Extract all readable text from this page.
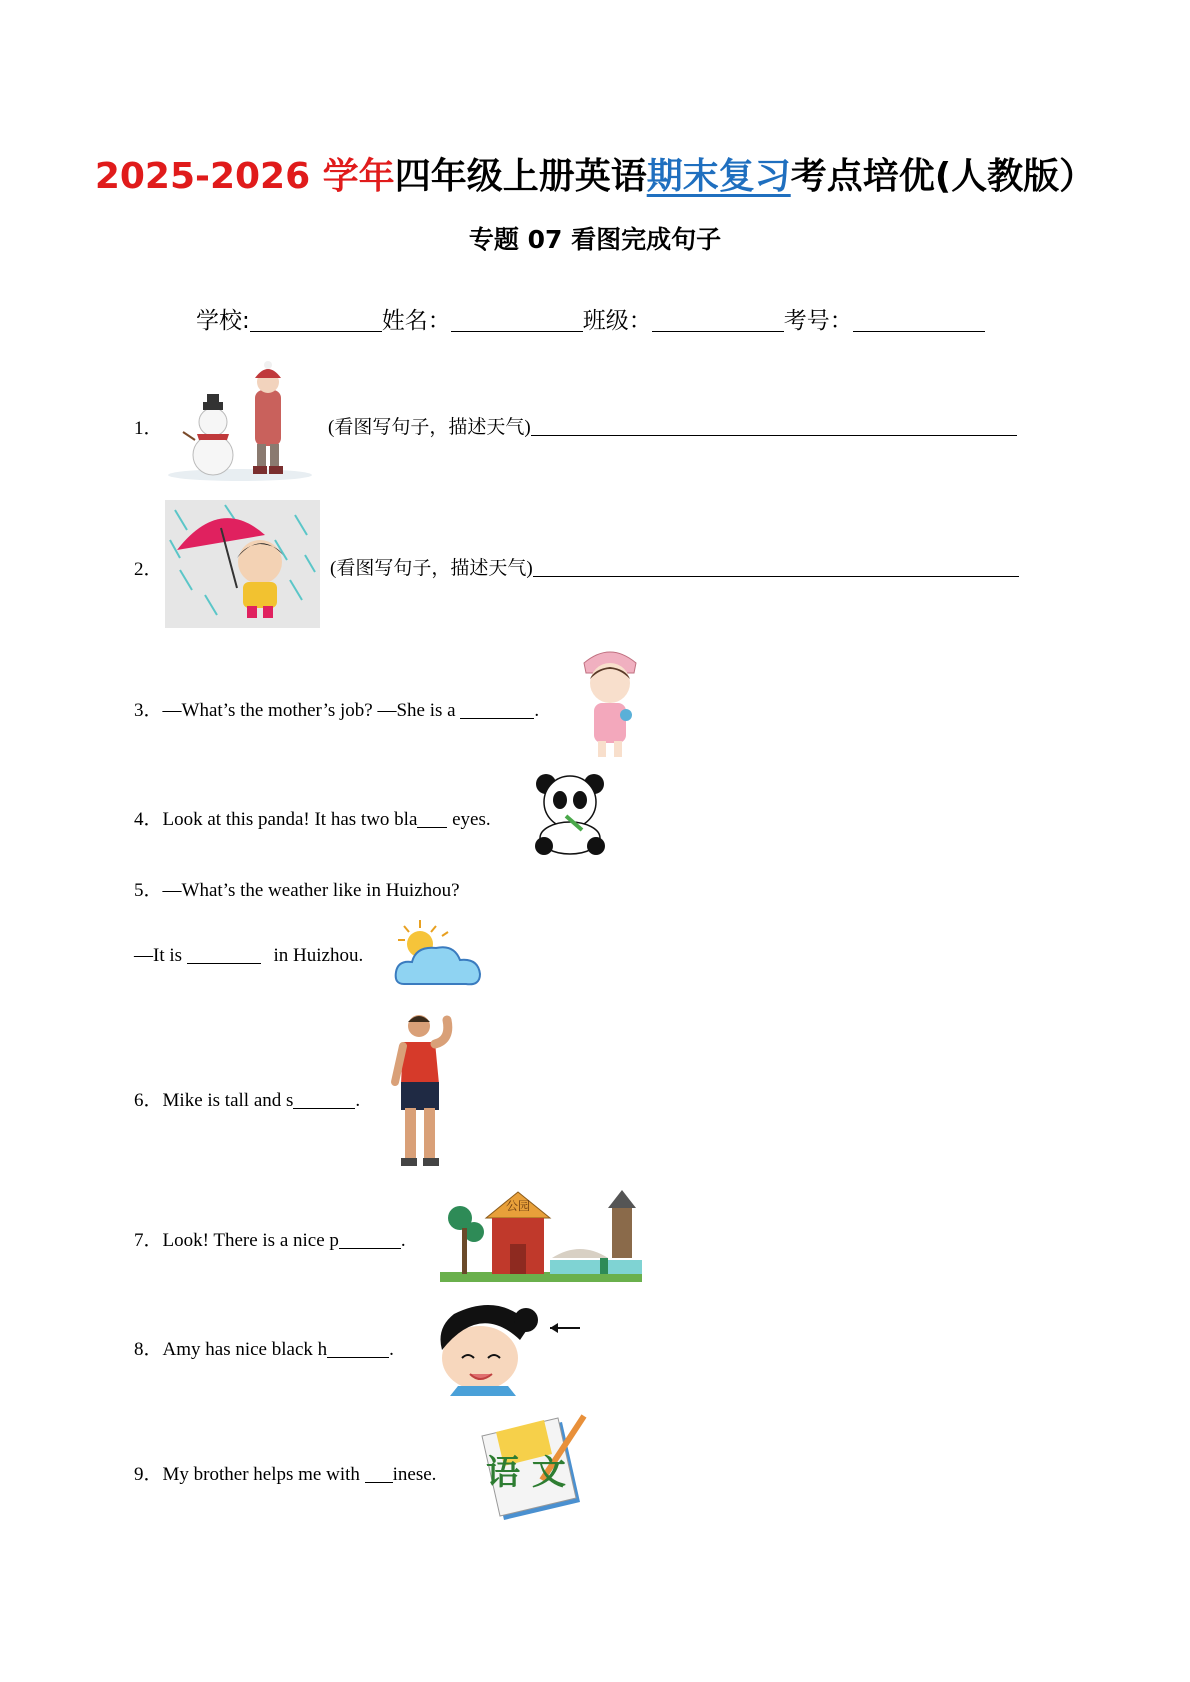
2025-2026 学年四年级上册英语期末复习考点培优(人教版）
专题 07 看图完成句子
学校:	姓名：	班级：	考号：
1．	(看图写句子，描述天气)
2．	(看图写句子，描述天气)
3．—What’s the mother’s job? —She is a	.
4．Look at this panda! It has two bla eyes.
5．—What’s the weather like in Huizhou?
—It is	in Huizhou.
6．Mike is tall and s	.
7．Look! There is a nice p	.
公园
8．Amy has nice black h	.
9．My brother helps me with inese. 语 文
